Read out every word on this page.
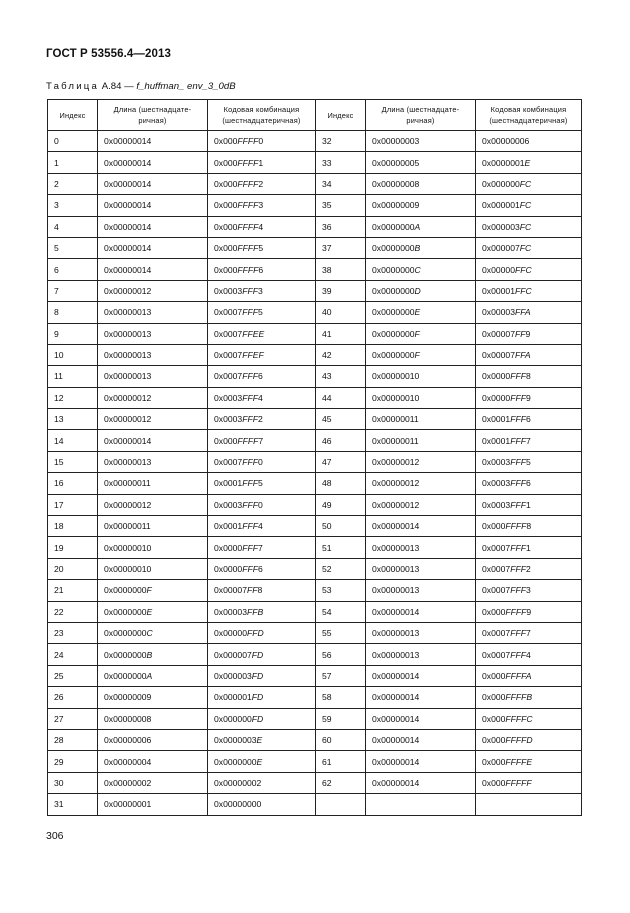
ГОСТ Р 53556.4—2013
Таблица A.84 — f_huffman_ env_3_0dB
Индекс	Длина (шестнадцате-ричная)	Кодовая комбинация (шестнадцатеричная)	Индекс	Длина (шестнадцате-ричная)	Кодовая комбинация (шестнадцатеричная)
0	0x00000014	0x000FFFF0	32	0x00000003	0x00000006
1	0x00000014	0x000FFFF1	33	0x00000005	0x0000001E
2	0x00000014	0x000FFFF2	34	0x00000008	0x000000FC
3	0x00000014	0x000FFFF3	35	0x00000009	0x000001FC
4	0x00000014	0x000FFFF4	36	0x0000000A	0x000003FC
5	0x00000014	0x000FFFF5	37	0x0000000B	0x000007FC
6	0x00000014	0x000FFFF6	38	0x0000000C	0x00000FFC
7	0x00000012	0x0003FFF3	39	0x0000000D	0x00001FFC
8	0x00000013	0x0007FFF5	40	0x0000000E	0x00003FFA
9	0x00000013	0x0007FFEE	41	0x0000000F	0x00007FF9
10	0x00000013	0x0007FFEF	42	0x0000000F	0x00007FFA
11	0x00000013	0x0007FFF6	43	0x00000010	0x0000FFF8
12	0x00000012	0x0003FFF4	44	0x00000010	0x0000FFF9
13	0x00000012	0x0003FFF2	45	0x00000011	0x0001FFF6
14	0x00000014	0x000FFFF7	46	0x00000011	0x0001FFF7
15	0x00000013	0x0007FFF0	47	0x00000012	0x0003FFF5
16	0x00000011	0x0001FFF5	48	0x00000012	0x0003FFF6
17	0x00000012	0x0003FFF0	49	0x00000012	0x0003FFF1
18	0x00000011	0x0001FFF4	50	0x00000014	0x000FFFF8
19	0x00000010	0x0000FFF7	51	0x00000013	0x0007FFF1
20	0x00000010	0x0000FFF6	52	0x00000013	0x0007FFF2
21	0x0000000F	0x00007FF8	53	0x00000013	0x0007FFF3
22	0x0000000E	0x00003FFB	54	0x00000014	0x000FFFF9
23	0x0000000C	0x00000FFD	55	0x00000013	0x0007FFF7
24	0x0000000B	0x000007FD	56	0x00000013	0x0007FFF4
25	0x0000000A	0x000003FD	57	0x00000014	0x000FFFFA
26	0x00000009	0x000001FD	58	0x00000014	0x000FFFFB
27	0x00000008	0x000000FD	59	0x00000014	0x000FFFFC
28	0x00000006	0x0000003E	60	0x00000014	0x000FFFFD
29	0x00000004	0x0000000E	61	0x00000014	0x000FFFFE
30	0x00000002	0x00000002	62	0x00000014	0x000FFFFF
31	0x00000001	0x00000000			
306
